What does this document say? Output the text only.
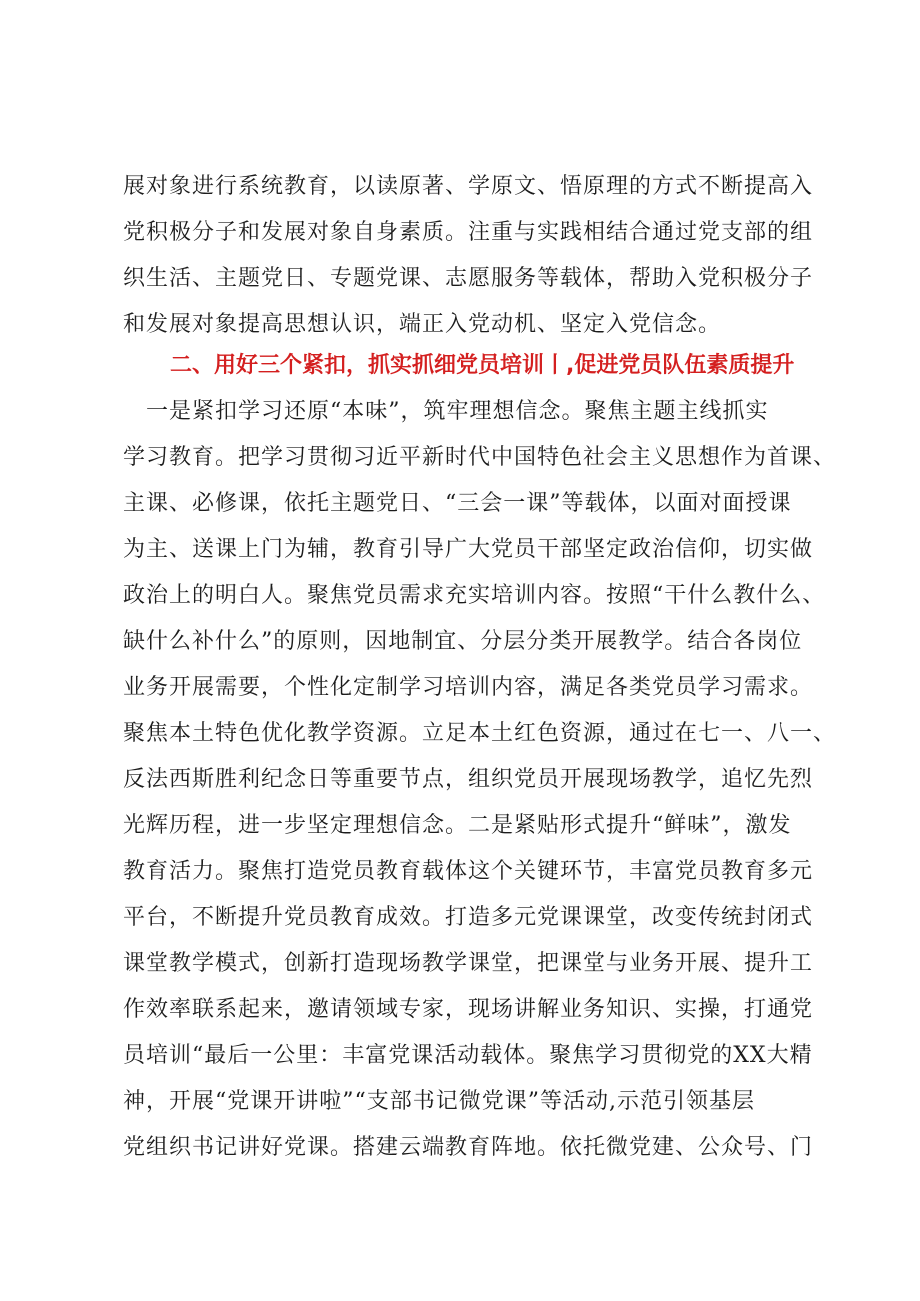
展对象进行系统教育，以读原著、学原文、悟原理的方式不断提高入
党积极分子和发展对象自身素质。注重与实践相结合通过党支部的组
织生活、主题党日、专题党课、志愿服务等载体，帮助入党积极分子
和发展对象提高思想认识，端正入党动机、坚定入党信念。
二、用好三个紧扣，抓实抓细党员培训丨,促进党员队伍素质提升
　一是紧扣学习还原“本味”，筑牢理想信念。聚焦主题主线抓实
学习教育。把学习贯彻习近平新时代中国特色社会主义思想作为首课、
主课、必修课，依托主题党日、“三会一课”等载体，以面对面授课
为主、送课上门为辅，教育引导广大党员干部坚定政治信仰，切实做
政治上的明白人。聚焦党员需求充实培训内容。按照“干什么教什么、
缺什么补什么”的原则，因地制宜、分层分类开展教学。结合各岗位
业务开展需要，个性化定制学习培训内容，满足各类党员学习需求。
聚焦本土特色优化教学资源。立足本土红色资源，通过在七一、八一、
反法西斯胜利纪念日等重要节点，组织党员开展现场教学，追忆先烈
光辉历程，进一步坚定理想信念。二是紧贴形式提升“鲜味”，激发
教育活力。聚焦打造党员教育载体这个关键环节，丰富党员教育多元
平台，不断提升党员教育成效。打造多元党课课堂，改变传统封闭式
课堂教学模式，创新打造现场教学课堂，把课堂与业务开展、提升工
作效率联系起来，邀请领域专家，现场讲解业务知识、实操，打通党
员培训“最后一公里：丰富党课活动载体。聚焦学习贯彻党的XX大精
神，开展“党课开讲啦”“支部书记微党课”等活动,示范引领基层
党组织书记讲好党课。搭建云端教育阵地。依托微党建、公众号、门
